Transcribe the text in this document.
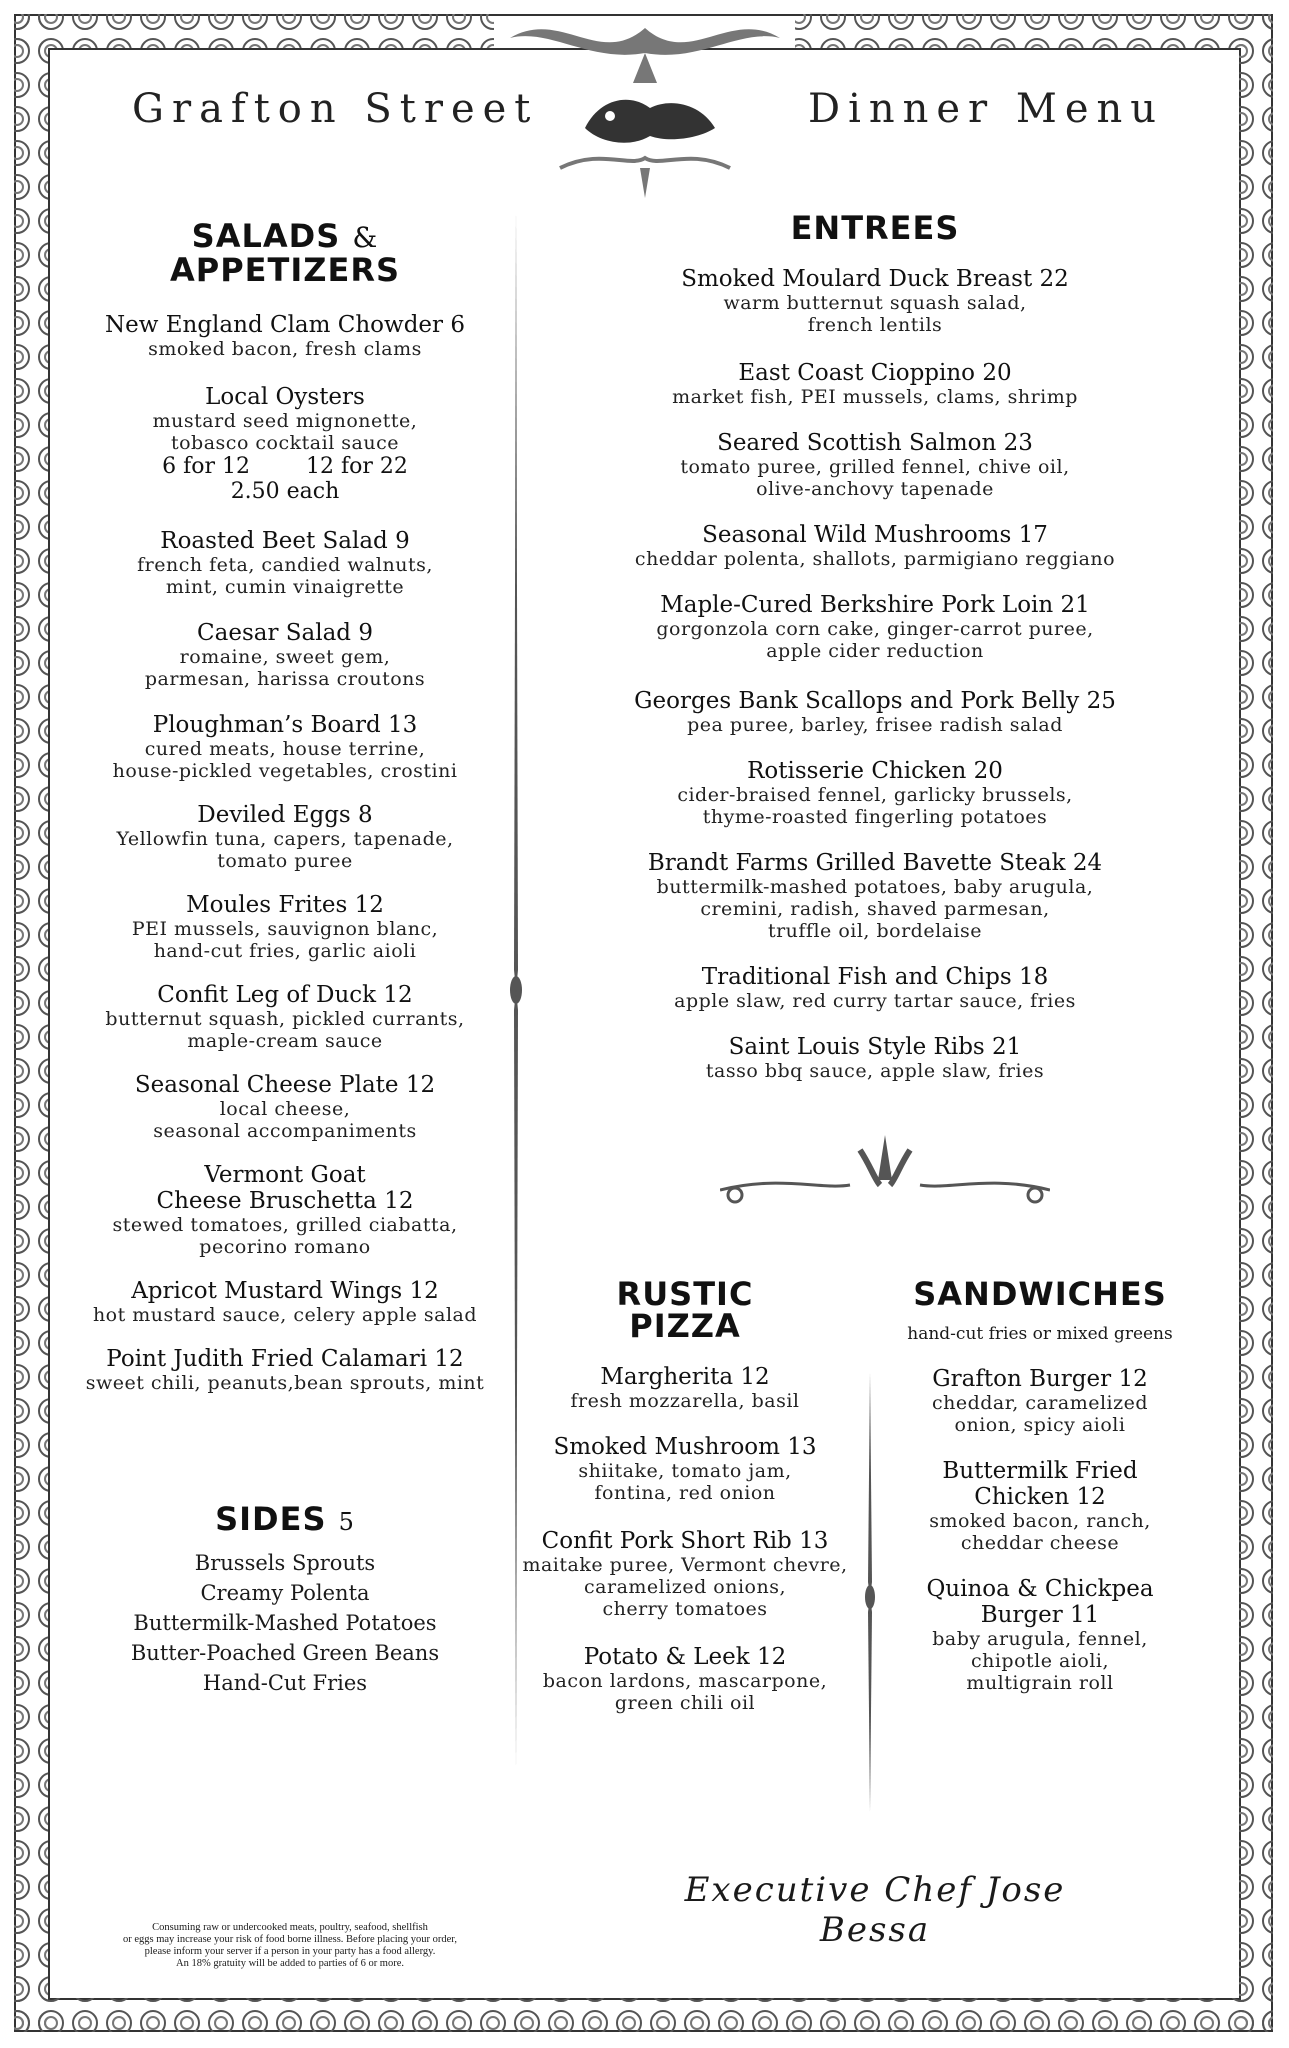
Grafton Street	Dinner Menu
SALADS &
APPETIZERS
New England Clam Chowder 6
smoked bacon, fresh clams
Local Oysters
mustard seed mignonette,
tobasco cocktail sauce
6 for 12        12 for 22
2.50 each
Roasted Beet Salad 9
french feta, candied walnuts,
mint, cumin vinaigrette
Caesar Salad 9
romaine, sweet gem,
parmesan, harissa croutons
Ploughman’s Board 13
cured meats, house terrine,
house-pickled vegetables, crostini
Deviled Eggs 8
Yellowfin tuna, capers, tapenade,
tomato puree
Moules Frites 12
PEI mussels, sauvignon blanc,
hand-cut fries, garlic aioli
Confit Leg of Duck 12
butternut squash, pickled currants,
maple-cream sauce
Seasonal Cheese Plate 12
local cheese,
seasonal accompaniments
Vermont Goat
Cheese Bruschetta 12
stewed tomatoes, grilled ciabatta,
pecorino romano
Apricot Mustard Wings 12
hot mustard sauce, celery apple salad
Point Judith Fried Calamari 12
sweet chili, peanuts,bean sprouts, mint
SIDES 5
Brussels Sprouts
Creamy Polenta
Buttermilk-Mashed Potatoes
Butter-Poached Green Beans
Hand-Cut Fries
ENTREES
Smoked Moulard Duck Breast 22
warm butternut squash salad,
french lentils
East Coast Cioppino 20
market fish, PEI mussels, clams, shrimp
Seared Scottish Salmon 23
tomato puree, grilled fennel, chive oil,
olive-anchovy tapenade
Seasonal Wild Mushrooms 17
cheddar polenta, shallots, parmigiano reggiano
Maple-Cured Berkshire Pork Loin 21
gorgonzola corn cake, ginger-carrot puree,
apple cider reduction
Georges Bank Scallops and Pork Belly 25
pea puree, barley, frisee radish salad
Rotisserie Chicken 20
cider-braised fennel, garlicky brussels,
thyme-roasted fingerling potatoes
Brandt Farms Grilled Bavette Steak 24
buttermilk-mashed potatoes, baby arugula,
cremini, radish, shaved parmesan,
truffle oil, bordelaise
Traditional Fish and Chips 18
apple slaw, red curry tartar sauce, fries
Saint Louis Style Ribs 21
tasso bbq sauce, apple slaw, fries
RUSTIC
PIZZA
Margherita 12
fresh mozzarella, basil
Smoked Mushroom 13
shiitake, tomato jam,
fontina, red onion
Confit Pork Short Rib 13
maitake puree, Vermont chevre,
caramelized onions,
cherry tomatoes
Potato & Leek 12
bacon lardons, mascarpone,
green chili oil
SANDWICHES
hand-cut fries or mixed greens
Grafton Burger 12
cheddar, caramelized
onion, spicy aioli
Buttermilk Fried
Chicken 12
smoked bacon, ranch,
cheddar cheese
Quinoa & Chickpea
Burger 11
baby arugula, fennel,
chipotle aioli,
multigrain roll
Executive Chef Jose Bessa
Consuming raw or undercooked meats, poultry, seafood, shellfish
or eggs may increase your risk of food borne illness. Before placing your order,
please inform your server if a person in your party has a food allergy.
An 18% gratuity will be added to parties of 6 or more.
